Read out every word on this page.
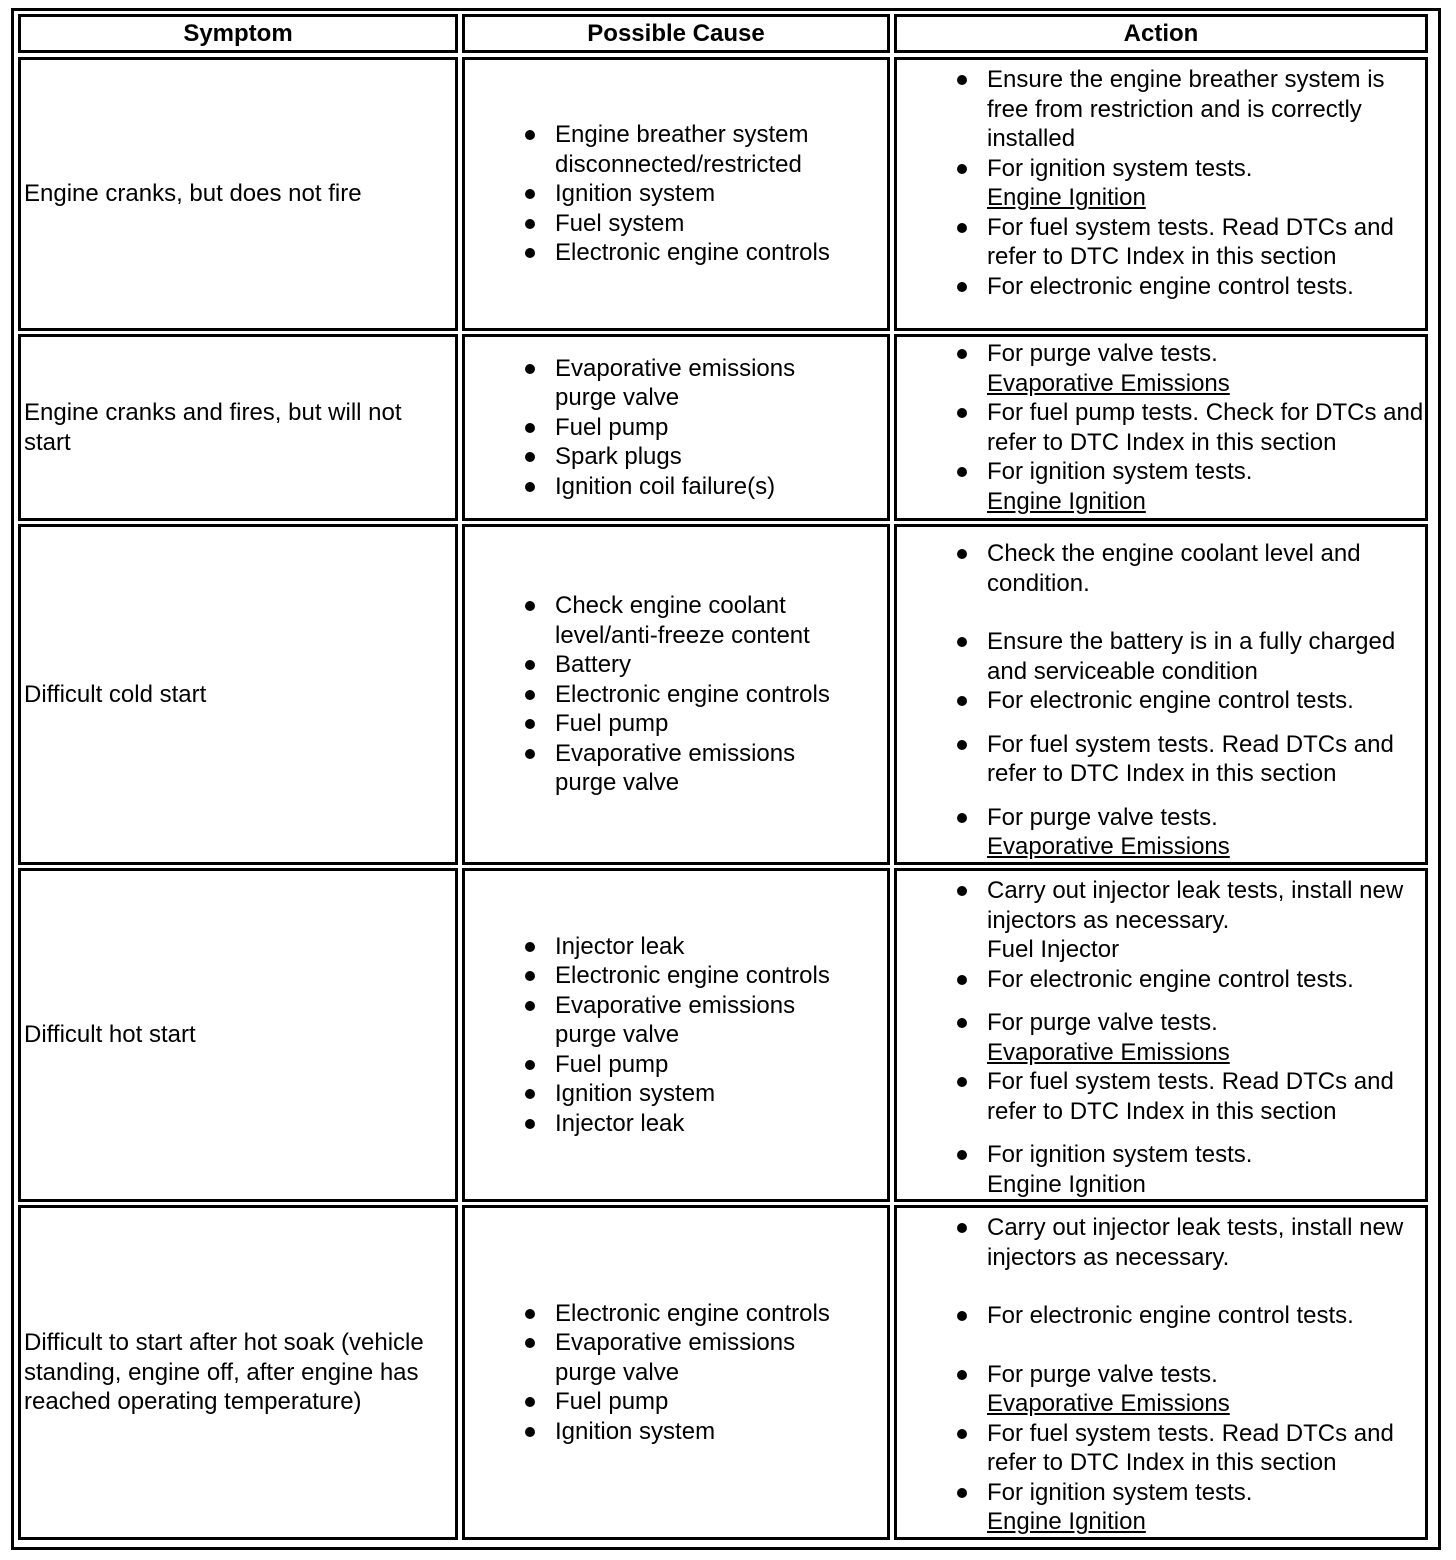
Symptom	Possible Cause	Action
Engine cranks, but does not fire
Engine breather system disconnected/restricted
Ignition system
Fuel system
Electronic engine controls
Ensure the engine breather system is free from restriction and is correctly installed
For ignition system tests.
Engine Ignition
For fuel system tests. Read DTCs and refer to DTC Index in this section
For electronic engine control tests.
Engine cranks and fires, but will not start
Evaporative emissions purge valve
Fuel pump
Spark plugs
Ignition coil failure(s)
For purge valve tests.
Evaporative Emissions
For fuel pump tests. Check for DTCs and refer to DTC Index in this section
For ignition system tests.
Engine Ignition
Difficult cold start
Check engine coolant level/anti-freeze content
Battery
Electronic engine controls
Fuel pump
Evaporative emissions purge valve
Check the engine coolant level and condition.
Ensure the battery is in a fully charged and serviceable condition
For electronic engine control tests.
For fuel system tests. Read DTCs and refer to DTC Index in this section
For purge valve tests.
Evaporative Emissions
Difficult hot start
Injector leak
Electronic engine controls
Evaporative emissions purge valve
Fuel pump
Ignition system
Injector leak
Carry out injector leak tests, install new injectors as necessary.
Fuel Injector
For electronic engine control tests.
For purge valve tests.
Evaporative Emissions
For fuel system tests. Read DTCs and refer to DTC Index in this section
For ignition system tests.
Engine Ignition
Difficult to start after hot soak (vehicle standing, engine off, after engine has reached operating temperature)
Electronic engine controls
Evaporative emissions purge valve
Fuel pump
Ignition system
Carry out injector leak tests, install new injectors as necessary.
For electronic engine control tests.
For purge valve tests.
Evaporative Emissions
For fuel system tests. Read DTCs and refer to DTC Index in this section
For ignition system tests.
Engine Ignition
